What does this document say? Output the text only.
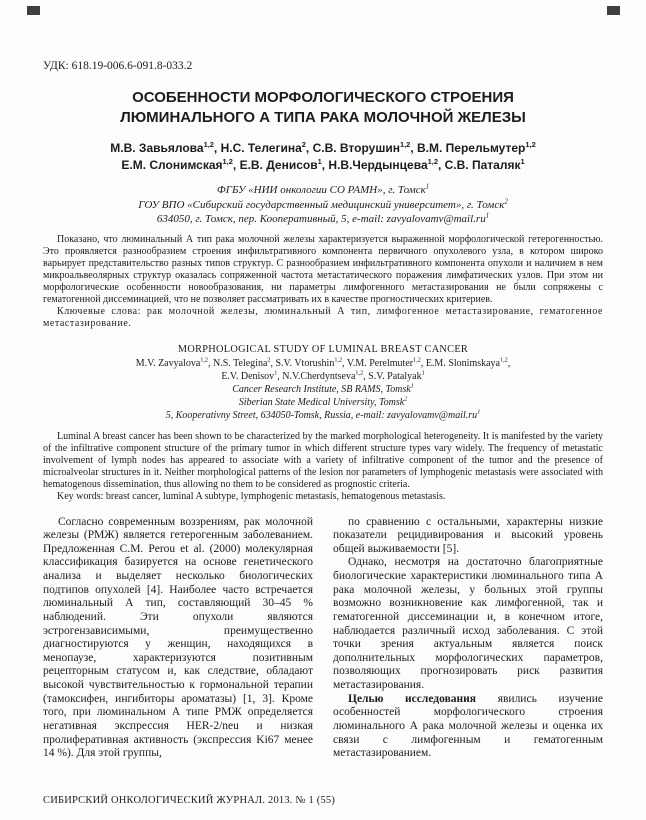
УДК: 618.19-006.6-091.8-033.2
ОСОБЕННОСТИ МОРФОЛОГИЧЕСКОГО СТРОЕНИЯ
ЛЮМИНАЛЬНОГО А ТИПА РАКА МОЛОЧНОЙ ЖЕЛЕЗЫ
М.В. Завьялова$^{1,2}$, Н.С. Телегина$^2$, С.В. Вторушин$^{1,2}$, В.М. Перельмутер$^{1,2}$
Е.М. Слонимская$^{1,2}$, Е.В. Денисов$^1$, Н.В.Чердынцева$^{1,2}$, С.В. Паталяк$^1$
ФГБУ «НИИ онкологии СО РАМН», г. Томск$^1$
ГОУ ВПО «Сибирский государственный медицинский университет», г. Томск$^2$
634050, г. Томск, пер. Кооперативный, 5, e-mail: $zavyalovamv@mail.ru^1$

Показано, что люминальный А тип рака молочной железы характеризуется выраженной морфологической гетерогенностью. Это проявляется разнообразием строения инфильтративного компонента первичного опухолевого узла, в котором широко варьирует представительство разных типов структур. С разнообразием инфильтративного компонента опухоли и наличием в нем микроальвеолярных структур оказалась сопряженной частота метастатического поражения лимфатических узлов. При этом ни морфологические особенности новообразования, ни параметры лимфогенного метастазирования не были сопряжены с гематогенной диссеминацией, что не позволяет рассматривать их в качестве прогностических критериев.

Ключевые слова: рак молочной железы, люминальный А тип, лимфогенное метастазирование, гематогенное метастазирование.

MORPHOLOGICAL STUDY OF LUMINAL BREAST CANCER
M.V. Zavyalova$^{1,2}$, N.S. Telegina$^2$, S.V. Vtorushin$^{1,2}$, V.M. Perelmuter$^{1,2}$, E.M. Slonimskaya$^{1,2}$,
E.V. Denisov$^1$, N.V.Cherdyntseva$^{1,2}$, S.V. Patalyak$^1$
Cancer Research Institute, SB RAMS, Tomsk$^1$
Siberian State Medical University, Tomsk$^2$
5, Kooperativny Street, 634050-Tomsk, Russia, e-mail: $zavyalovamv@mail.ru^1$

Luminal A breast cancer has been shown to be characterized by the marked morphological heterogeneity. It is manifested by the variety of the infiltrative component structure of the primary tumor in which different structure types vary widely. The frequency of metastatic involvement of lymph nodes has appeared to associate with a variety of infiltrative component of the tumor and the presence of microalveolar structures in it. Neither morphological patterns of the lesion nor parameters of lymphogenic metastasis were associated with hematogenous dissemination, thus allowing no them to be considered as prognostic criteria.

Key words: breast cancer, luminal A subtype, lymphogenic metastasis, hematogenous metastasis.

Согласно современным воззрениям, рак молочной железы (РМЖ) является гетерогенным заболеванием. Предложенная С.М. Perou et al. (2000) молекулярная классификация базируется на основе генетического анализа и выделяет несколько биологических подтипов опухолей [4]. Наиболее часто встречается люминальный А тип, составляющий 30–45 % наблюдений. Эти опухоли являются эстрогензависимыми, преимущественно диагностируются у женщин, находящихся в менопаузе, характеризуются позитивным рецепторным статусом и, как следствие, обладают высокой чувствительностью к гормональной терапии (тамоксифен, ингибиторы ароматазы) [1, 3]. Кроме того, при люминальном А типе РМЖ определяется негативная экспрессия HER-2/neu и низкая пролиферативная активность (экспрессия Ki67 менее 14 %). Для этой группы,

по сравнению с остальными, характерны низкие показатели рецидивирования и высокий уровень общей выживаемости [5].

Однако, несмотря на достаточно благоприятные биологические характеристики люминального типа А рака молочной железы, у больных этой группы возможно возникновение как лимфогенной, так и гематогенной диссеминации и, в конечном итоге, наблюдается различный исход заболевания. С этой точки зрения актуальным является поиск дополнительных морфологических параметров, позволяющих прогнозировать риск развития метастазирования.

Целью исследования явились изучение особенностей морфологического строения люминального А рака молочной железы и оценка их связи с лимфогенным и гематогенным метастазированием.

СИБИРСКИЙ ОНКОЛОГИЧЕСКИЙ ЖУРНАЛ. 2013. № 1 (55)
